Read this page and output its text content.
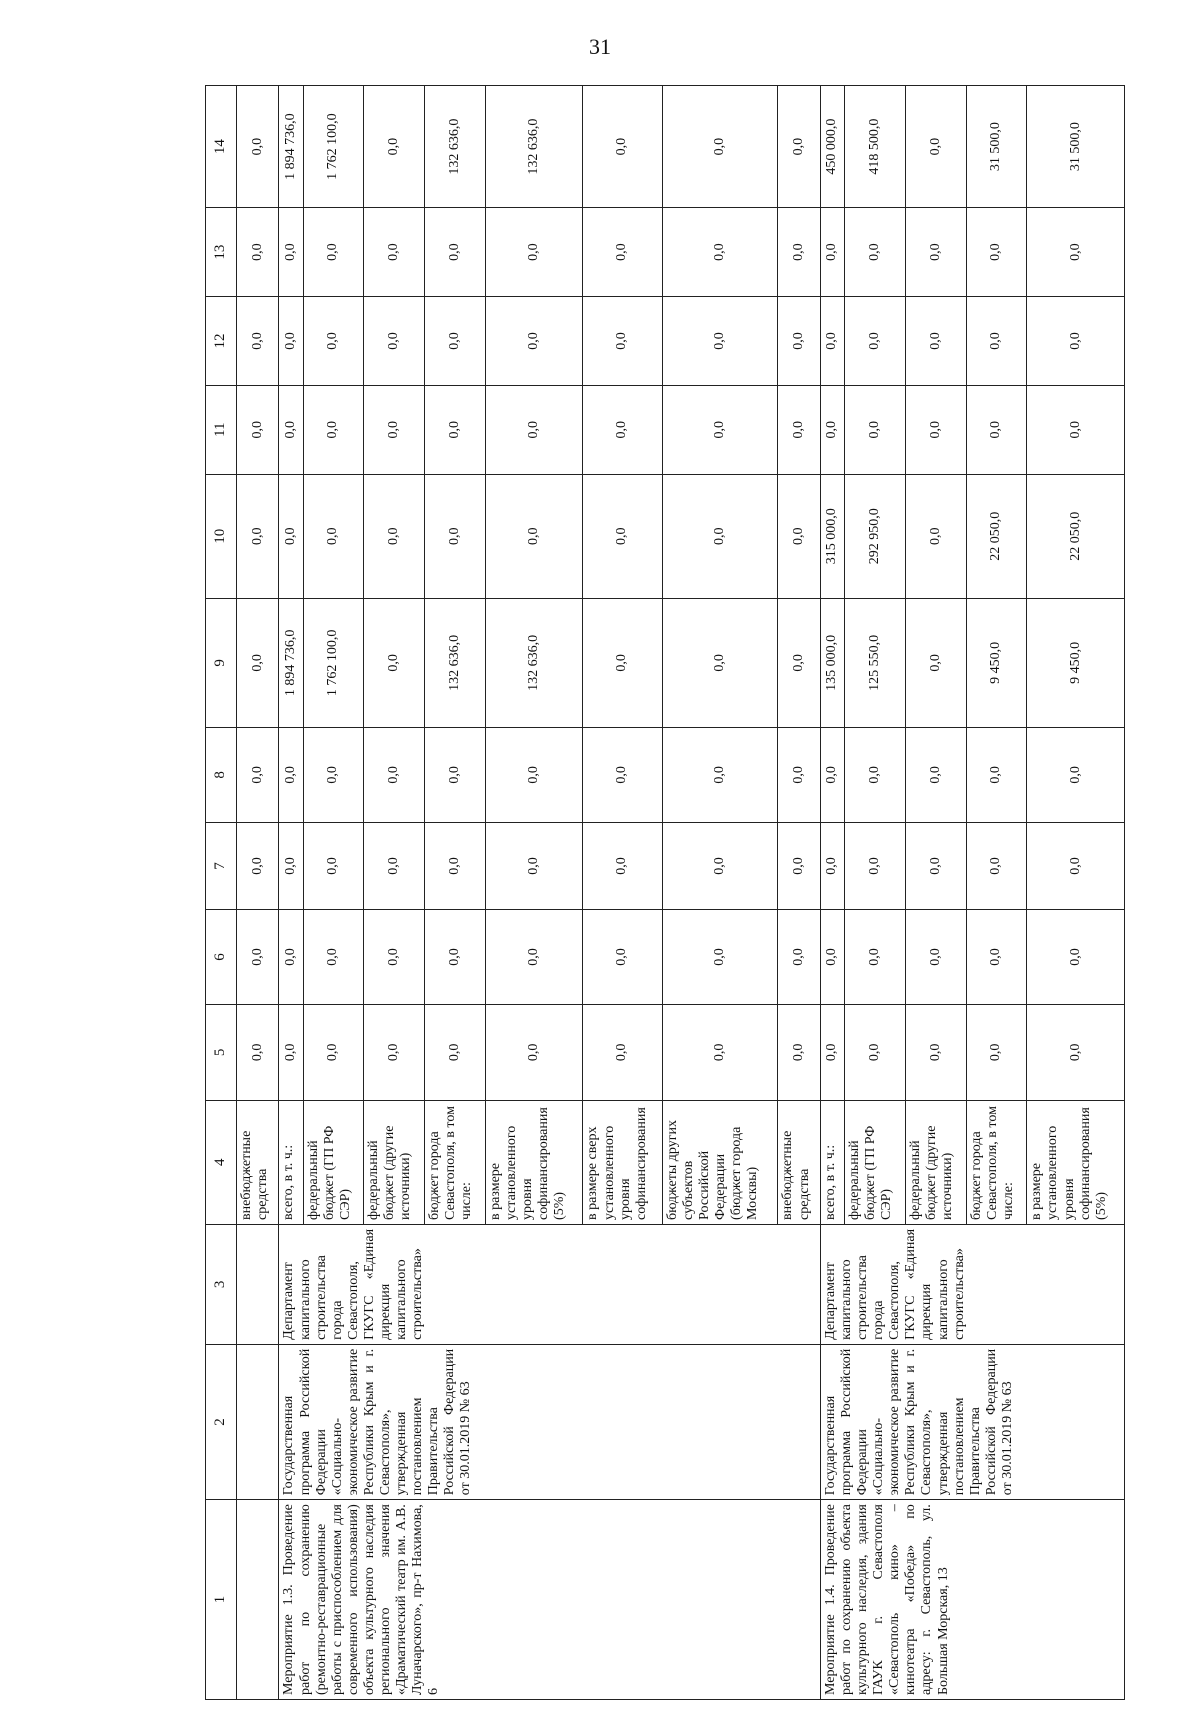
31
1	2	3	4	5	6	7	8	9	10	11	12	13	14
			внебюджетные средства	0,0	0,0	0,0	0,0	0,0	0,0	0,0	0,0	0,0	0,0
Мероприятие 1.3. Проведение работ по сохранению (ремонтно-реставрационные работы с приспособлением для современного использования) объекта культурного наследия регионального значения «Драматический театр им. А.В. Луначарского», пр-т Нахимова, 6	Государственная программа Российской Федерации «Социально-экономическое развитие Республики Крым и г. Севастополя», утвержденная постановлением Правительства Российской Федерации от 30.01.2019 № 63	Департамент капитального строительства города Севастополя, ГКУГС «Единая дирекция капитального строительства»	всего, в т. ч.:	0,0	0,0	0,0	0,0	1 894 736,0	0,0	0,0	0,0	0,0	1 894 736,0
			федеральный бюджет (ГП РФ СЭР)	0,0	0,0	0,0	0,0	1 762 100,0	0,0	0,0	0,0	0,0	1 762 100,0
			федеральный бюджет (другие источники)	0,0	0,0	0,0	0,0	0,0	0,0	0,0	0,0	0,0	0,0
			бюджет города Севастополя, в том числе:	0,0	0,0	0,0	0,0	132 636,0	0,0	0,0	0,0	0,0	132 636,0
			в размере установленного уровня софинансирования (5%)	0,0	0,0	0,0	0,0	132 636,0	0,0	0,0	0,0	0,0	132 636,0
			в размере сверх установленного уровня софинансирования	0,0	0,0	0,0	0,0	0,0	0,0	0,0	0,0	0,0	0,0
			бюджеты других субъектов Российской Федерации (бюджет города Москвы)	0,0	0,0	0,0	0,0	0,0	0,0	0,0	0,0	0,0	0,0
			внебюджетные средства	0,0	0,0	0,0	0,0	0,0	0,0	0,0	0,0	0,0	0,0
Мероприятие 1.4. Проведение работ по сохранению объекта культурного наследия, здания ГАУК г. Севастополя «Севастополь кино» – кинотеатра «Победа» по адресу: г. Севастополь, ул. Большая Морская, 13	Государственная программа Российской Федерации «Социально-экономическое развитие Республики Крым и г. Севастополя», утвержденная постановлением Правительства Российской Федерации от 30.01.2019 № 63	Департамент капитального строительства города Севастополя, ГКУГС «Единая дирекция капитального строительства»	всего, в т. ч.:	0,0	0,0	0,0	0,0	135 000,0	315 000,0	0,0	0,0	0,0	450 000,0
			федеральный бюджет (ГП РФ СЭР)	0,0	0,0	0,0	0,0	125 550,0	292 950,0	0,0	0,0	0,0	418 500,0
			федеральный бюджет (другие источники)	0,0	0,0	0,0	0,0	0,0	0,0	0,0	0,0	0,0	0,0
			бюджет города Севастополя, в том числе:	0,0	0,0	0,0	0,0	9 450,0	22 050,0	0,0	0,0	0,0	31 500,0
			в размере установленного уровня софинансирования (5%)	0,0	0,0	0,0	0,0	9 450,0	22 050,0	0,0	0,0	0,0	31 500,0
